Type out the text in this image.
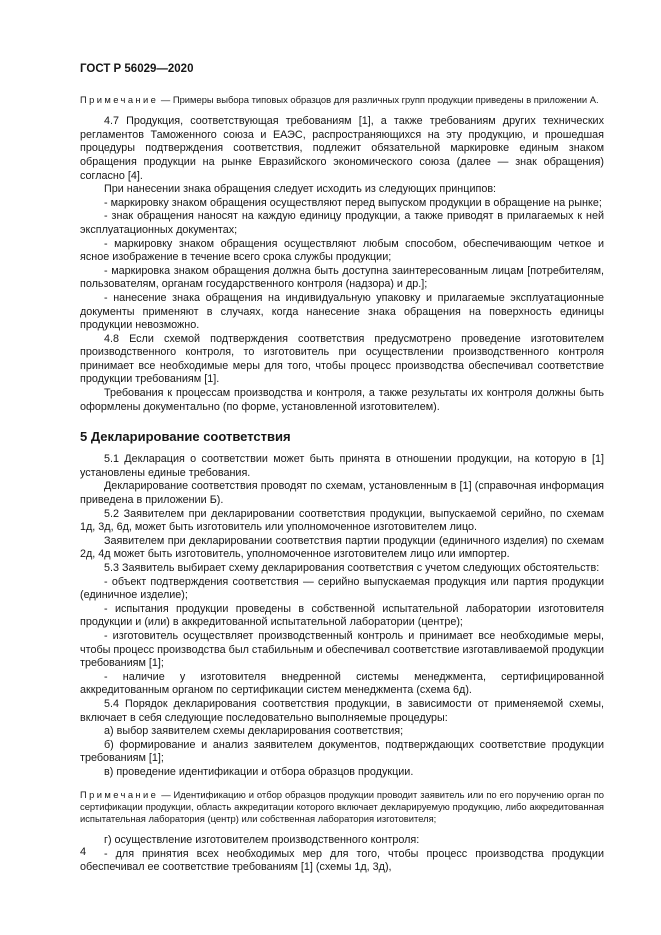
ГОСТ Р 56029—2020

Примечание — Примеры выбора типовых образцов для различных групп продукции приведены в приложении А.

4.7 Продукция, соответствующая требованиям [1], а также требованиям других технических регламентов Таможенного союза и ЕАЭС, распространяющихся на эту продукцию, и прошедшая процедуры подтверждения соответствия, подлежит обязательной маркировке единым знаком обращения продукции на рынке Евразийского экономического союза (далее — знак обращения) согласно [4].

При нанесении знака обращения следует исходить из следующих принципов:

- маркировку знаком обращения осуществляют перед выпуском продукции в обращение на рынке;

- знак обращения наносят на каждую единицу продукции, а также приводят в прилагаемых к ней эксплуатационных документах;

- маркировку знаком обращения осуществляют любым способом, обеспечивающим четкое и ясное изображение в течение всего срока службы продукции;

- маркировка знаком обращения должна быть доступна заинтересованным лицам [потребителям, пользователям, органам государственного контроля (надзора) и др.];

- нанесение знака обращения на индивидуальную упаковку и прилагаемые эксплуатационные документы применяют в случаях, когда нанесение знака обращения на поверхность единицы продукции невозможно.

4.8 Если схемой подтверждения соответствия предусмотрено проведение изготовителем производственного контроля, то изготовитель при осуществлении производственного контроля принимает все необходимые меры для того, чтобы процесс производства обеспечивал соответствие продукции требованиям [1].

Требования к процессам производства и контроля, а также результаты их контроля должны быть оформлены документально (по форме, установленной изготовителем).

5 Декларирование соответствия

5.1 Декларация о соответствии может быть принята в отношении продукции, на которую в [1] установлены единые требования.

Декларирование соответствия проводят по схемам, установленным в [1] (справочная информация приведена в приложении Б).

5.2 Заявителем при декларировании соответствия продукции, выпускаемой серийно, по схемам 1д, 3д, 6д, может быть изготовитель или уполномоченное изготовителем лицо.

Заявителем при декларировании соответствия партии продукции (единичного изделия) по схемам 2д, 4д может быть изготовитель, уполномоченное изготовителем лицо или импортер.

5.3 Заявитель выбирает схему декларирования соответствия с учетом следующих обстоятельств:

- объект подтверждения соответствия — серийно выпускаемая продукция или партия продукции (единичное изделие);

- испытания продукции проведены в собственной испытательной лаборатории изготовителя продукции и (или) в аккредитованной испытательной лаборатории (центре);

- изготовитель осуществляет производственный контроль и принимает все необходимые меры, чтобы процесс производства был стабильным и обеспечивал соответствие изготавливаемой продукции требованиям [1];

- наличие у изготовителя внедренной системы менеджмента, сертифицированной аккредитованным органом по сертификации систем менеджмента (схема 6д).

5.4 Порядок декларирования соответствия продукции, в зависимости от применяемой схемы, включает в себя следующие последовательно выполняемые процедуры:

а) выбор заявителем схемы декларирования соответствия;

б) формирование и анализ заявителем документов, подтверждающих соответствие продукции требованиям [1];

в) проведение идентификации и отбора образцов продукции.

Примечание — Идентификацию и отбор образцов продукции проводит заявитель или по его поручению орган по сертификации продукции, область аккредитации которого включает декларируемую продукцию, либо аккредитованная испытательная лаборатория (центр) или собственная лаборатория изготовителя;

г) осуществление изготовителем производственного контроля:

- для принятия всех необходимых мер для того, чтобы процесс производства продукции обеспечивал ее соответствие требованиям [1] (схемы 1д, 3д),

4
